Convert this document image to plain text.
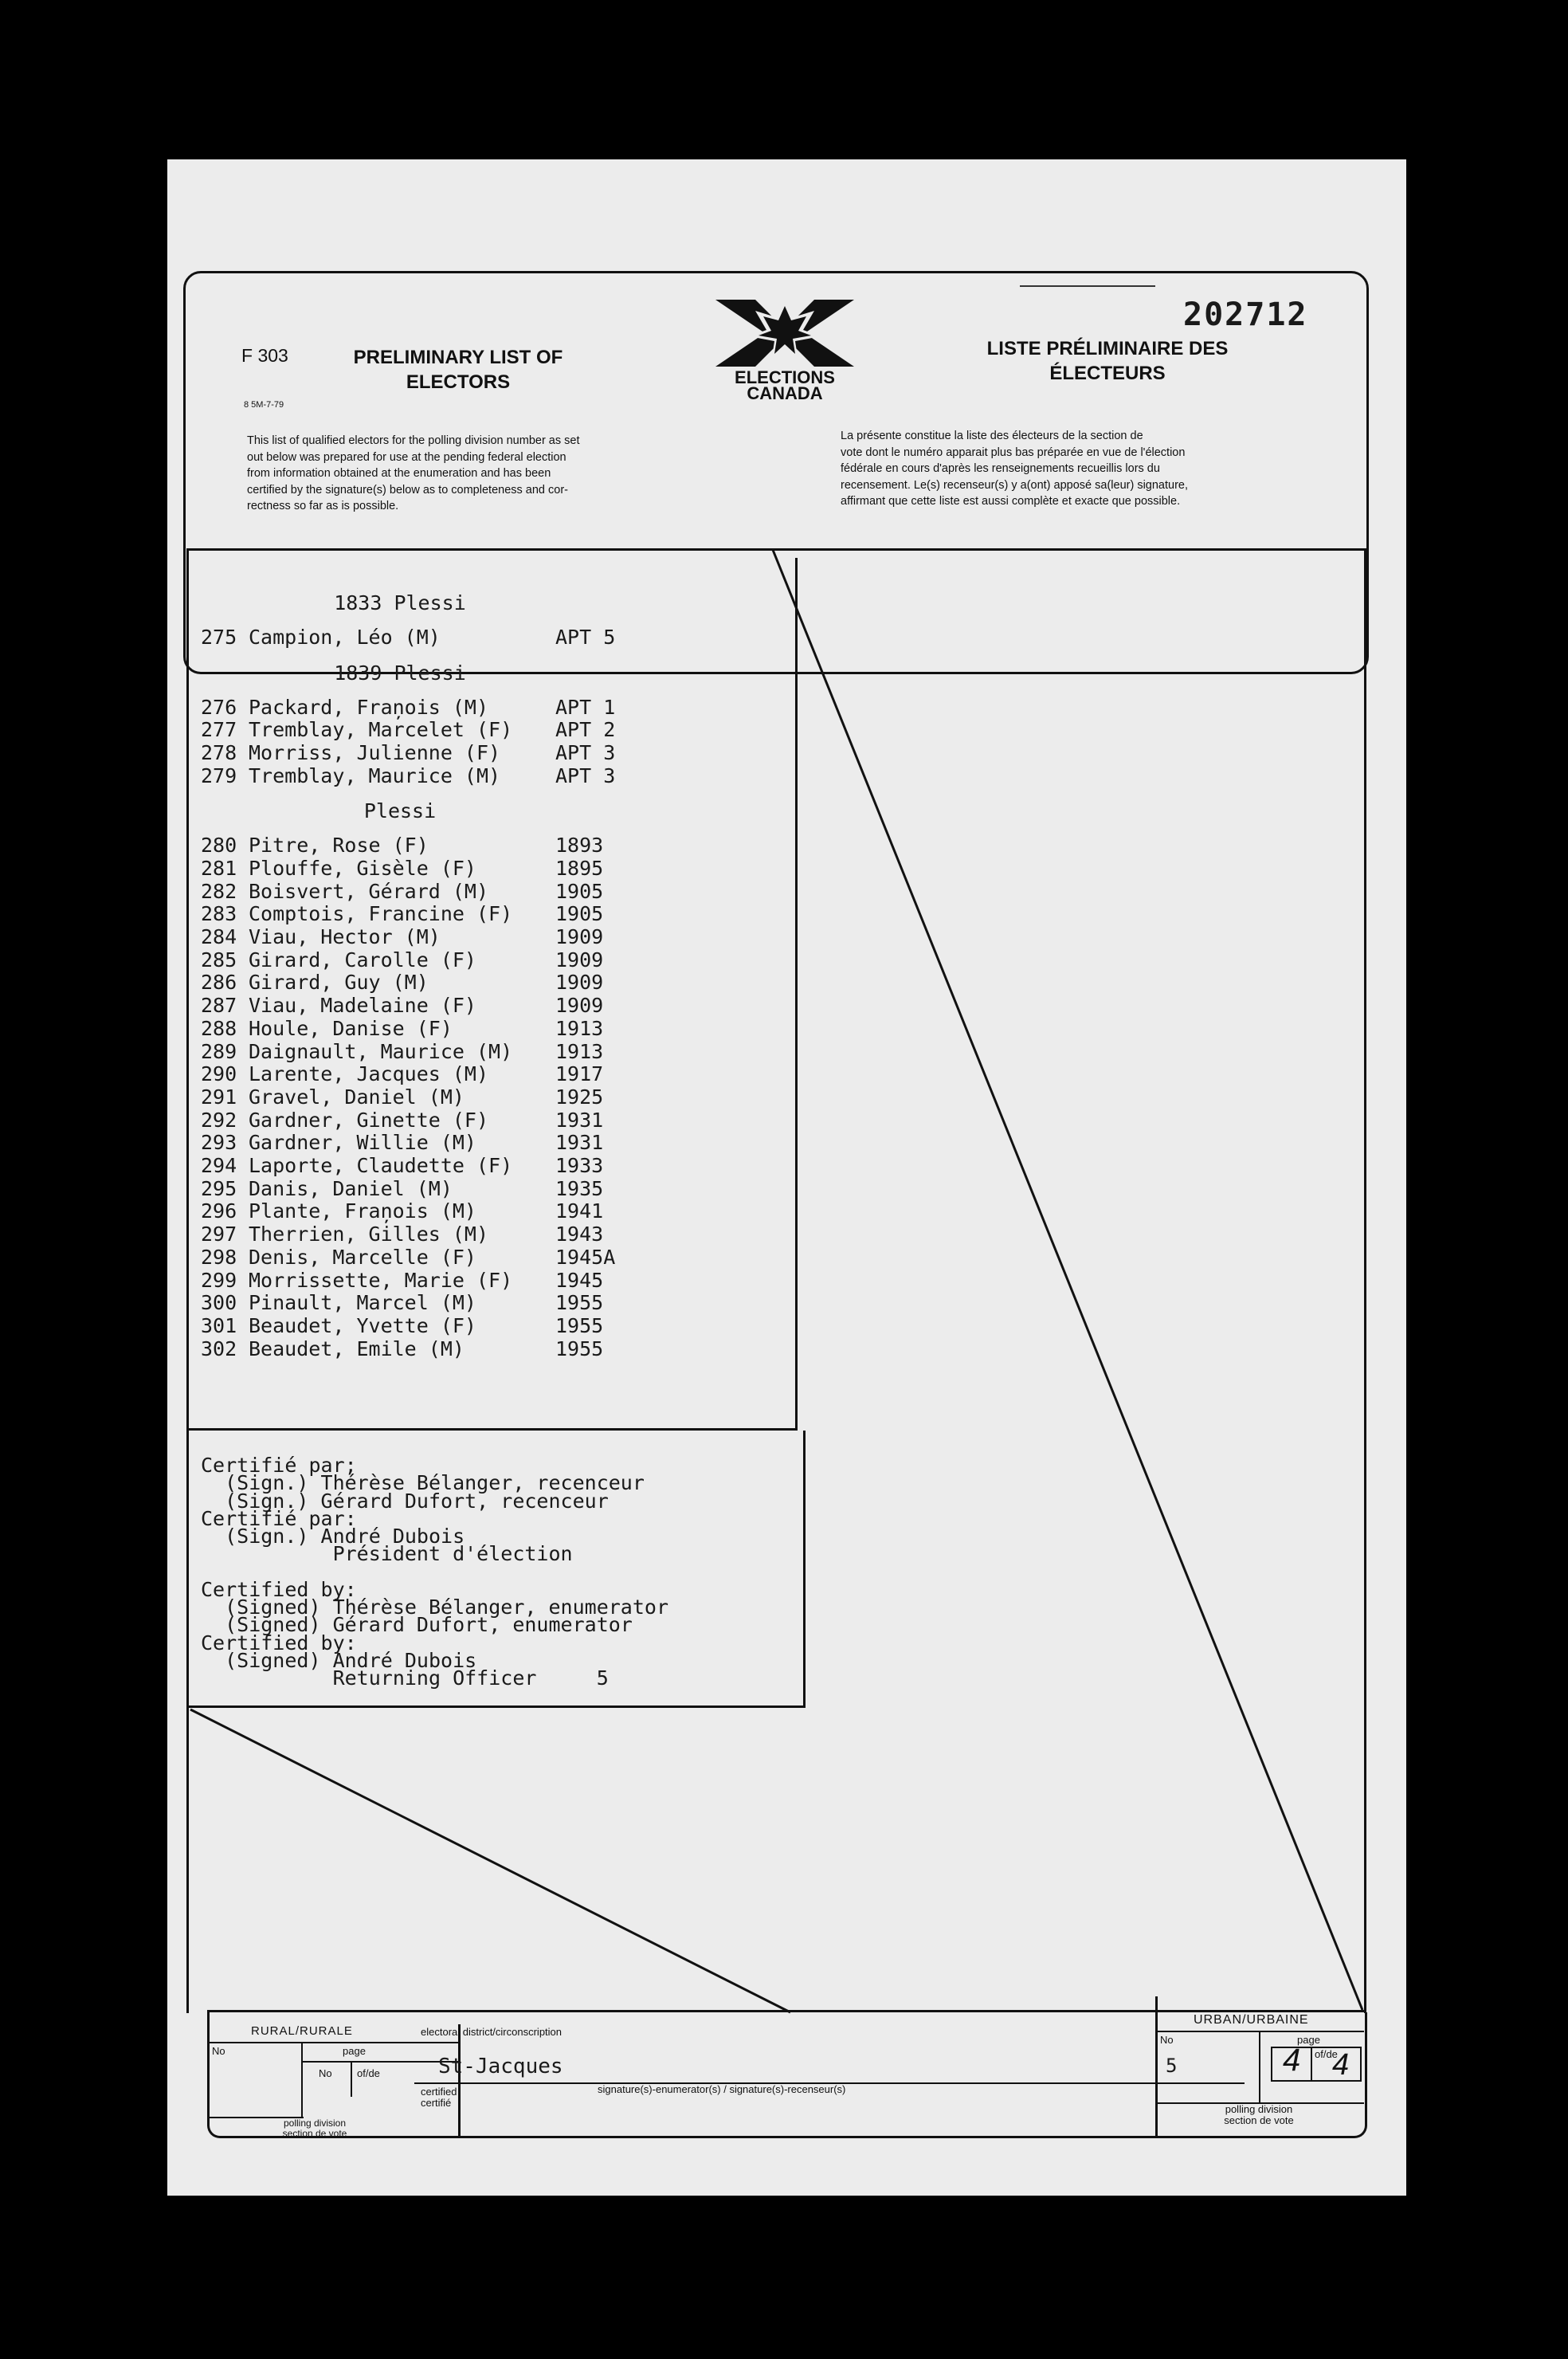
F 303
8 5M-7-79
PRELIMINARY LIST OF
ELECTORS	ELECTIONS
CANADA
202712
LISTE PRÉLIMINAIRE DES
ÉLECTEURS
This list of qualified electors for the polling division number as set
out below was prepared for use at the pending federal election
from information obtained at the enumeration and has been
certified by the signature(s) below as to completeness and cor-
rectness so far as is possible.
La présente constitue la liste des électeurs de la section de
vote dont le numéro apparait plus bas préparée en vue de l'élection
fédérale en cours d'après les renseignements recueillis lors du
recensement. Le(s) recenseur(s) y a(ont) apposé sa(leur) signature,
affirmant que cette liste est aussi complète et exacte que possible.
1833 Plessi
275 Campion, Léo (M)	APT 5
1839 Plessi
276 Packard, Fraņois (M)	APT 1
277 Tremblay, Marcelet (F) APT 2
278 Morriss, Julienne (F)	APT 3
279 Tremblay, Maurice (M)	APT 3
Plessi
280 Pitre, Rose (F)	1893
281 Plouffe, Gisèle (F)	1895
282 Boisvert, Gérard (M)	1905
283 Comptois, Francine (F) 1905
284 Viau, Hector (M)	1909
285 Girard, Carolle (F)	1909
286 Girard, Guy (M)	1909
287 Viau, Madelaine (F)	1909
288 Houle, Danise (F)	1913
289 Daignault, Maurice (M) 1913
290 Larente, Jacques (M)	1917
291 Gravel, Daniel (M)	1925
292 Gardner, Ginette (F)	1931
293 Gardner, Willie (M)	1931
294 Laporte, Claudette (F) 1933
295 Danis, Daniel (M)	1935
296 Plante, Fraņois (M)	1941
297 Therrien, Gilles (M)	1943
298 Denis, Marcelle (F)	1945A
299 Morrissette, Marie (F) 1945
300 Pinault, Marcel (M)	1955
301 Beaudet, Yvette (F)	1955
302 Beaudet, Emile (M)	1955
Certifié par;
(Sign.) Thérèse Bélanger, recenceur
(Sign.) Gérard Dufort, recenceur
Certifié par:
(Sign.) André Dubois
Président d'élection
Certified by:
(Signed) Thérèse Bélanger, enumerator
(Signed) Gérard Dufort, enumerator
Certified by:
(Signed) André Dubois
Returning Officer     5
RURAL/RURALE
No	page
No of/de
polling division
section de vote
electoral district/circonscription
St-Jacques
certified
certifié
signature(s)-enumerator(s) / signature(s)-recenseur(s)
URBAN/URBAINE
No	page
5	4 of/de
4
polling division
section de vote
